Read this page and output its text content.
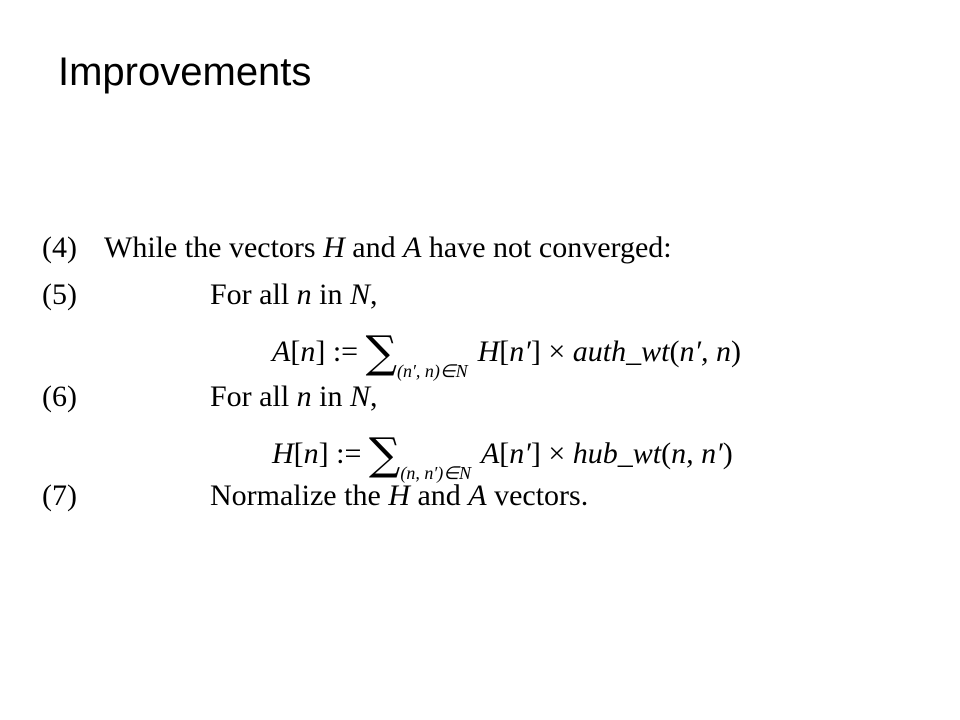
Improvements
(4) While the vectors H and A have not converged:
(5)	For all n in N,
A[n] := $\sum_{(n', n)\in N}H[n']$ × auth_wt(n′, n)
(6)	For all n in N,
H[n] := $\sum_{(n, n')\in N}A[n']$ × hub_wt(n, n′)
(7)	Normalize the H and A vectors.
